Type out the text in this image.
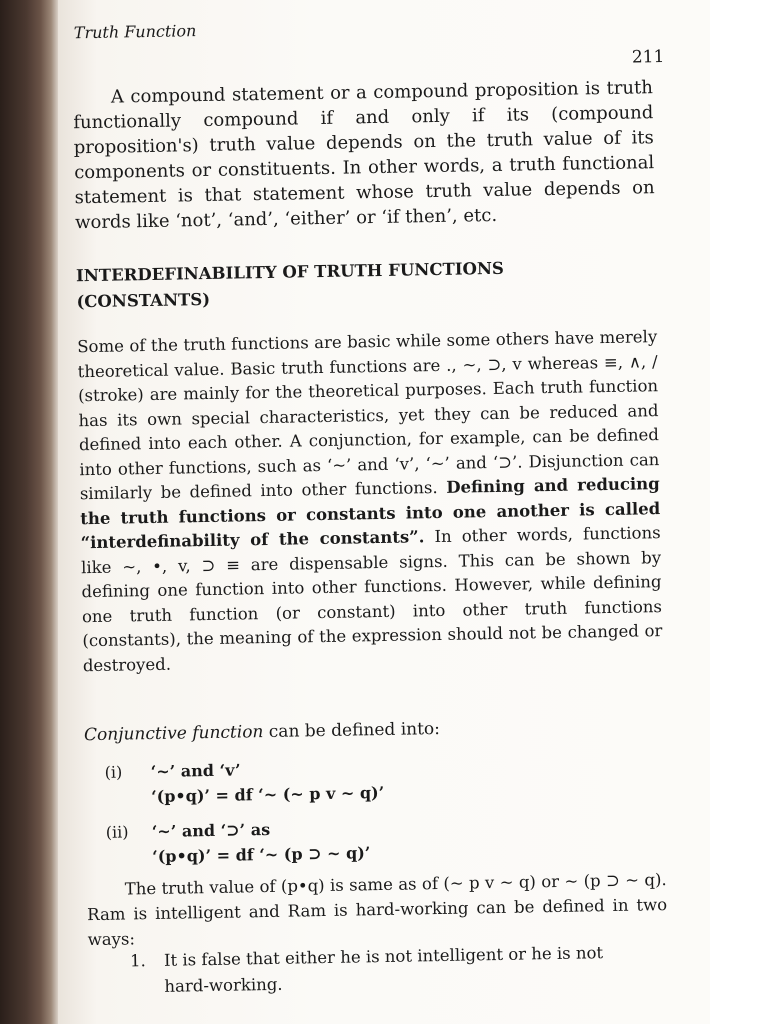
Truth Function
211

A compound statement or a compound proposition is truth functionally compound if and only if its (compound proposition's) truth value depends on the truth value of its components or constituents. In other words, a truth functional statement is that statement whose truth value depends on words like ‘not’, ‘and’, ‘either’ or ‘if then’, etc.

INTERDEFINABILITY OF TRUTH FUNCTIONS (CONSTANTS)

Some of the truth functions are basic while some others have merely theoretical value. Basic truth functions are ., ~, ⊃, v whereas ≡, ∧, / (stroke) are mainly for the theoretical purposes. Each truth function has its own special characteristics, yet they can be reduced and defined into each other. A conjunction, for example, can be defined into other functions, such as ‘~’ and ‘v’, ‘~’ and ‘⊃’. Disjunction can similarly be defined into other functions. Defining and reducing the truth functions or constants into one another is called “interdefinability of the constants”. In other words, functions like ~, •, v, ⊃ ≡ are dispensable signs. This can be shown by defining one function into other functions. However, while defining one truth function (or constant) into other truth functions (constants), the meaning of the expression should not be changed or destroyed.

Conjunctive function can be defined into:

(i) ‘~’ and ‘v’
‘(p•q)’ = df ‘~ (~ p v ~ q)’
(ii) ‘~’ and ‘⊃’ as
‘(p•q)’ = df ‘~ (p ⊃ ~ q)’

The truth value of (p•q) is same as of (~ p v ~ q) or ~ (p ⊃ ~ q). Ram is intelligent and Ram is hard-working can be defined in two ways:

1. It is false that either he is not intelligent or he is not hard-working.
